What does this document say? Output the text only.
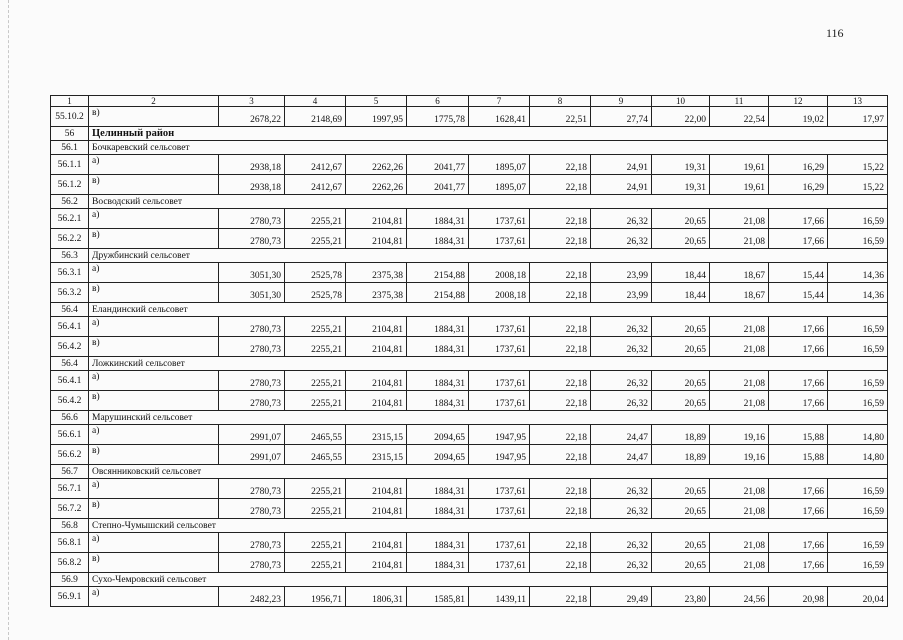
116
1	2	3	4	5	6	7	8	9	10	11	12	13
55.10.2	в)	2678,22	2148,69	1997,95	1775,78	1628,41	22,51	27,74	22,00	22,54	19,02	17,97
56	Целинный район											
56.1	Бочкаревский сельсовет											
56.1.1	а)	2938,18	2412,67	2262,26	2041,77	1895,07	22,18	24,91	19,31	19,61	16,29	15,22
56.1.2	в)	2938,18	2412,67	2262,26	2041,77	1895,07	22,18	24,91	19,31	19,61	16,29	15,22
56.2	Восводский сельсовет											
56.2.1	а)	2780,73	2255,21	2104,81	1884,31	1737,61	22,18	26,32	20,65	21,08	17,66	16,59
56.2.2	в)	2780,73	2255,21	2104,81	1884,31	1737,61	22,18	26,32	20,65	21,08	17,66	16,59
56.3	Дружбинский сельсовет											
56.3.1	а)	3051,30	2525,78	2375,38	2154,88	2008,18	22,18	23,99	18,44	18,67	15,44	14,36
56.3.2	в)	3051,30	2525,78	2375,38	2154,88	2008,18	22,18	23,99	18,44	18,67	15,44	14,36
56.4	Еландинский сельсовет											
56.4.1	а)	2780,73	2255,21	2104,81	1884,31	1737,61	22,18	26,32	20,65	21,08	17,66	16,59
56.4.2	в)	2780,73	2255,21	2104,81	1884,31	1737,61	22,18	26,32	20,65	21,08	17,66	16,59
56.4	Ложкинский сельсовет											
56.4.1	а)	2780,73	2255,21	2104,81	1884,31	1737,61	22,18	26,32	20,65	21,08	17,66	16,59
56.4.2	в)	2780,73	2255,21	2104,81	1884,31	1737,61	22,18	26,32	20,65	21,08	17,66	16,59
56.6	Марушинский сельсовет											
56.6.1	а)	2991,07	2465,55	2315,15	2094,65	1947,95	22,18	24,47	18,89	19,16	15,88	14,80
56.6.2	в)	2991,07	2465,55	2315,15	2094,65	1947,95	22,18	24,47	18,89	19,16	15,88	14,80
56.7	Овсянниковский сельсовет											
56.7.1	а)	2780,73	2255,21	2104,81	1884,31	1737,61	22,18	26,32	20,65	21,08	17,66	16,59
56.7.2	в)	2780,73	2255,21	2104,81	1884,31	1737,61	22,18	26,32	20,65	21,08	17,66	16,59
56.8	Степно-Чумышский сельсовет											
56.8.1	а)	2780,73	2255,21	2104,81	1884,31	1737,61	22,18	26,32	20,65	21,08	17,66	16,59
56.8.2	в)	2780,73	2255,21	2104,81	1884,31	1737,61	22,18	26,32	20,65	21,08	17,66	16,59
56.9	Сухо-Чемровский сельсовет											
56.9.1	а)	2482,23	1956,71	1806,31	1585,81	1439,11	22,18	29,49	23,80	24,56	20,98	20,04
